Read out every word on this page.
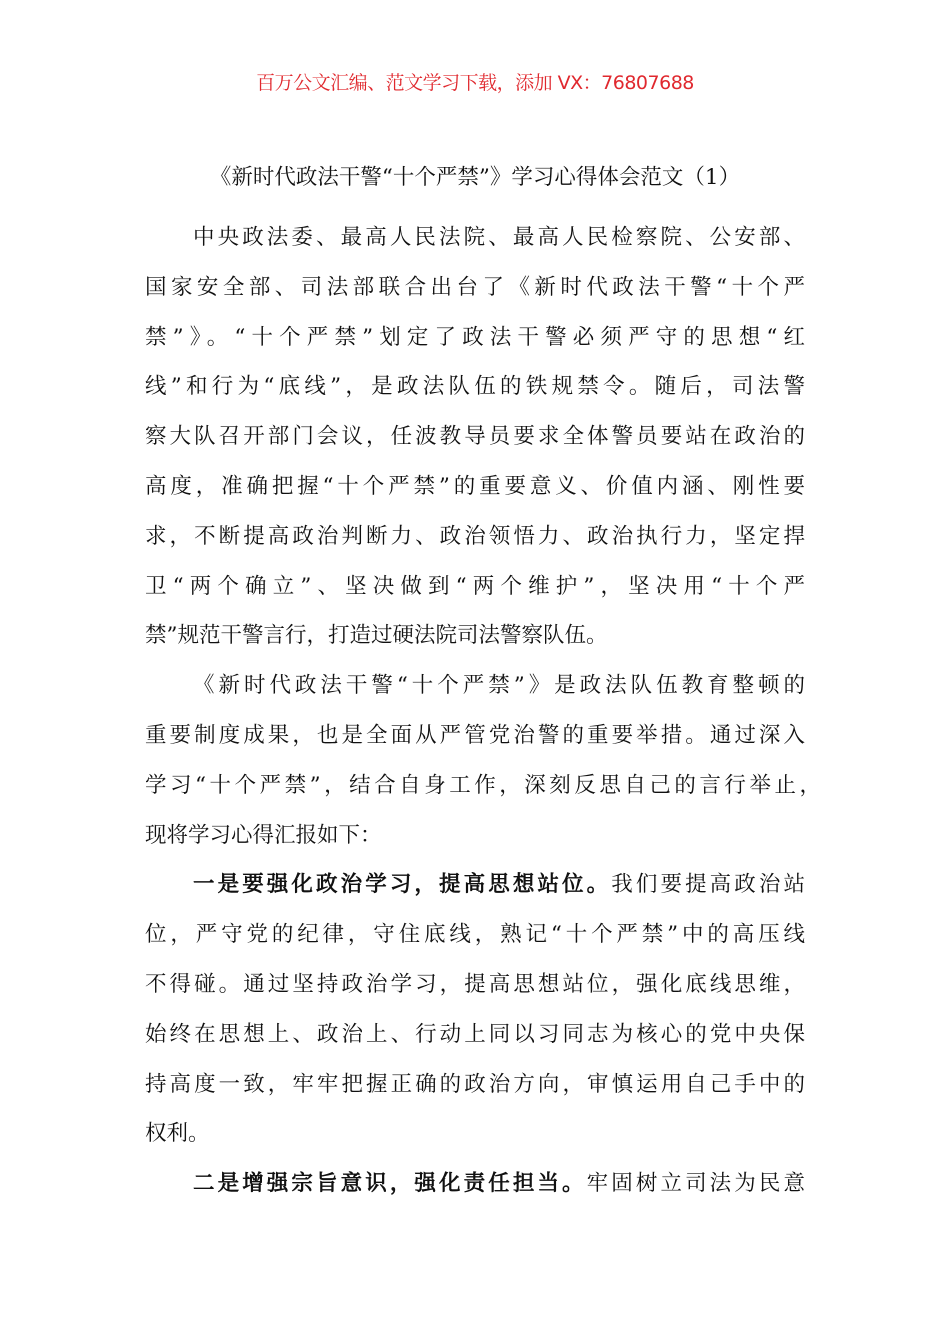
百万公文汇编、范文学习下载，添加 VX：76807688
《新时代政法干警“十个严禁”》学习心得体会范文（1）
中央政法委、最高人民法院、最高人民检察院、公安部、
国家安全部、司法部联合出台了《新时代政法干警“十个严
禁”》。“十个严禁”划定了政法干警必须严守的思想“红
线”和行为“底线”，是政法队伍的铁规禁令。随后，司法警
察大队召开部门会议，任波教导员要求全体警员要站在政治的
高度，准确把握“十个严禁”的重要意义、价值内涵、刚性要
求，不断提高政治判断力、政治领悟力、政治执行力，坚定捍
卫“两个确立”、坚决做到“两个维护”，坚决用“十个严
禁”规范干警言行，打造过硬法院司法警察队伍。
《新时代政法干警“十个严禁”》是政法队伍教育整顿的
重要制度成果，也是全面从严管党治警的重要举措。通过深入
学习“十个严禁”，结合自身工作，深刻反思自己的言行举止，
现将学习心得汇报如下：
一是要强化政治学习，提高思想站位。我们要提高政治站
位，严守党的纪律，守住底线，熟记“十个严禁”中的高压线
不得碰。通过坚持政治学习，提高思想站位，强化底线思维，
始终在思想上、政治上、行动上同以习同志为核心的党中央保
持高度一致，牢牢把握正确的政治方向，审慎运用自己手中的
权利。
二是增强宗旨意识，强化责任担当。牢固树立司法为民意
